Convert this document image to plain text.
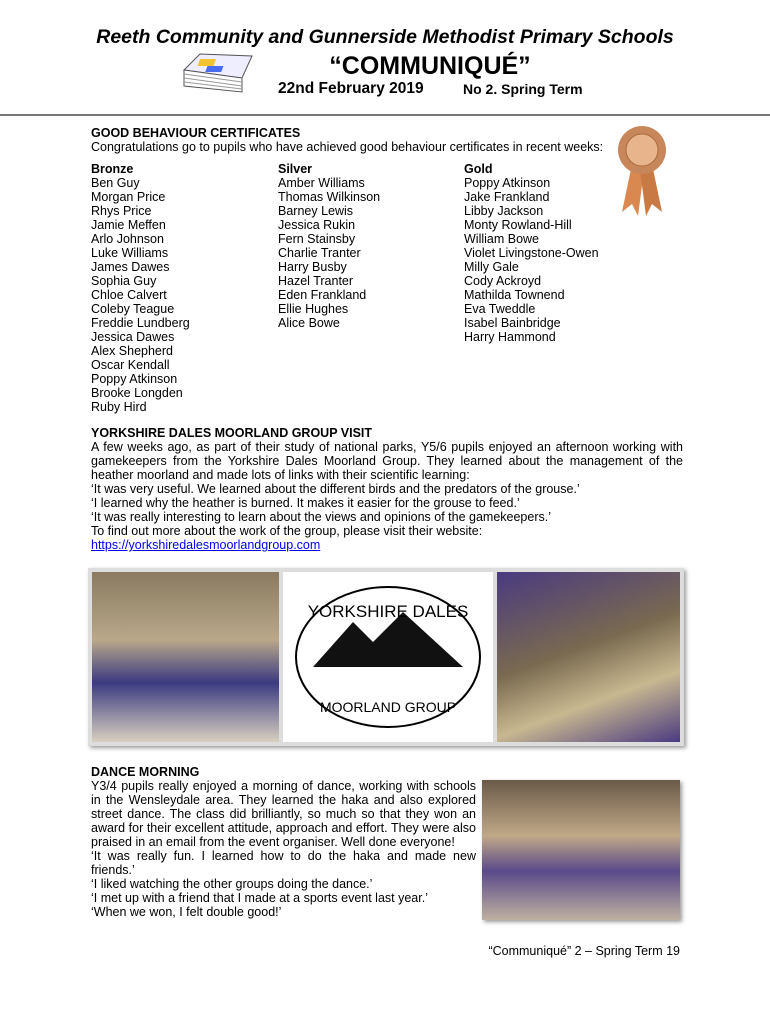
Reeth Community and Gunnerside Methodist Primary Schools
“COMMUNIQUÉ”
22nd February 2019	No 2. Spring Term
GOOD BEHAVIOUR CERTIFICATES
Congratulations go to pupils who have achieved good behaviour certificates in recent weeks:
Bronze
Ben Guy
Morgan Price
Rhys Price
Jamie Meffen
Arlo Johnson
Luke Williams
James Dawes
Sophia Guy
Chloe Calvert
Coleby Teague
Freddie Lundberg
Jessica Dawes
Alex Shepherd
Oscar Kendall
Poppy Atkinson
Brooke Longden
Ruby Hird
Silver
Amber Williams
Thomas Wilkinson
Barney Lewis
Jessica Rukin
Fern Stainsby
Charlie Tranter
Harry Busby
Hazel Tranter
Eden Frankland
Ellie Hughes
Alice Bowe
Gold
Poppy Atkinson
Jake Frankland
Libby Jackson
Monty Rowland-Hill
William Bowe
Violet Livingstone-Owen
Milly Gale
Cody Ackroyd
Mathilda Townend
Eva Tweddle
Isabel Bainbridge
Harry Hammond
YORKSHIRE DALES MOORLAND GROUP VISIT

A few weeks ago, as part of their study of national parks, Y5/6 pupils enjoyed an afternoon working with gamekeepers from the Yorkshire Dales Moorland Group. They learned about the management of the heather moorland and made lots of links with their scientific learning:

‘It was very useful. We learned about the different birds and the predators of the grouse.’

‘I learned why the heather is burned. It makes it easier for the grouse to feed.’

‘It was really interesting to learn about the views and opinions of the gamekeepers.’

To find out more about the work of the group, please visit their website:

https://yorkshiredalesmoorlandgroup.com
YORKSHIRE DALES
MOORLAND GROUP
DANCE MORNING

Y3/4 pupils really enjoyed a morning of dance, working with schools in the Wensleydale area. They learned the haka and also explored street dance. The class did brilliantly, so much so that they won an award for their excellent attitude, approach and effort. They were also praised in an email from the event organiser. Well done everyone!

‘It was really fun. I learned how to do the haka and made new friends.’

‘I liked watching the other groups doing the dance.’

‘I met up with a friend that I made at a sports event last year.’

‘When we won, I felt double good!’

“Communiqué” 2 – Spring Term 19
